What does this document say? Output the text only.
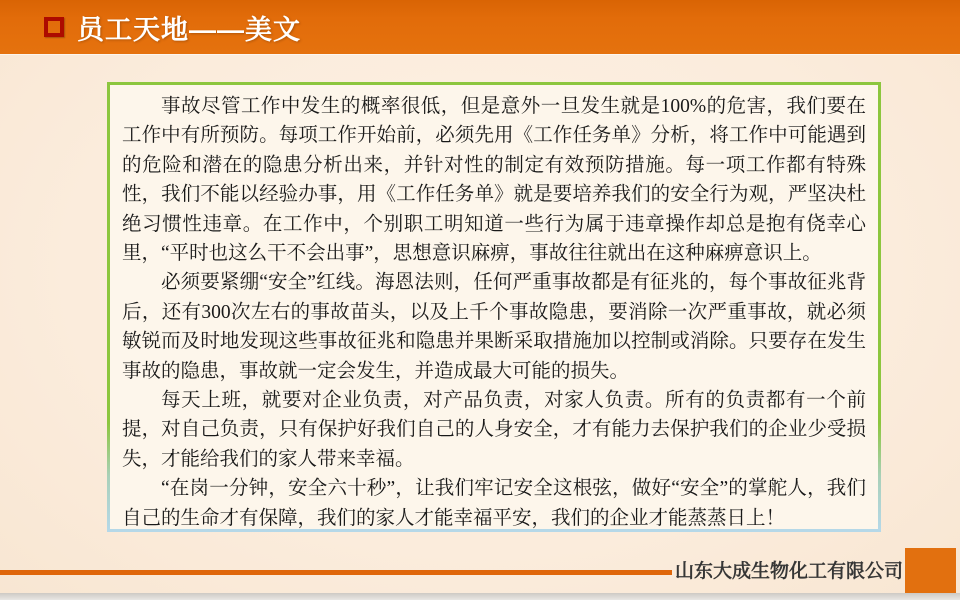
员工天地——美文

事故尽管工作中发生的概率很低，但是意外一旦发生就是100%的危害，我们要在工作中有所预防。每项工作开始前，必须先用《工作任务单》分析，将工作中可能遇到的危险和潜在的隐患分析出来，并针对性的制定有效预防措施。每一项工作都有特殊性，我们不能以经验办事，用《工作任务单》就是要培养我们的安全行为观，严坚决杜绝习惯性违章。在工作中，个别职工明知道一些行为属于违章操作却总是抱有侥幸心里，“平时也这么干不会出事”，思想意识麻痹，事故往往就出在这种麻痹意识上。

必须要紧绷“安全”红线。海恩法则，任何严重事故都是有征兆的，每个事故征兆背后，还有300次左右的事故苗头，以及上千个事故隐患，要消除一次严重事故，就必须敏锐而及时地发现这些事故征兆和隐患并果断采取措施加以控制或消除。只要存在发生事故的隐患，事故就一定会发生，并造成最大可能的损失。

每天上班，就要对企业负责，对产品负责，对家人负责。所有的负责都有一个前提，对自己负责，只有保护好我们自己的人身安全，才有能力去保护我们的企业少受损失，才能给我们的家人带来幸福。

“在岗一分钟，安全六十秒”，让我们牢记安全这根弦，做好“安全”的掌舵人，我们自己的生命才有保障，我们的家人才能幸福平安，我们的企业才能蒸蒸日上！

山东大成生物化工有限公司
